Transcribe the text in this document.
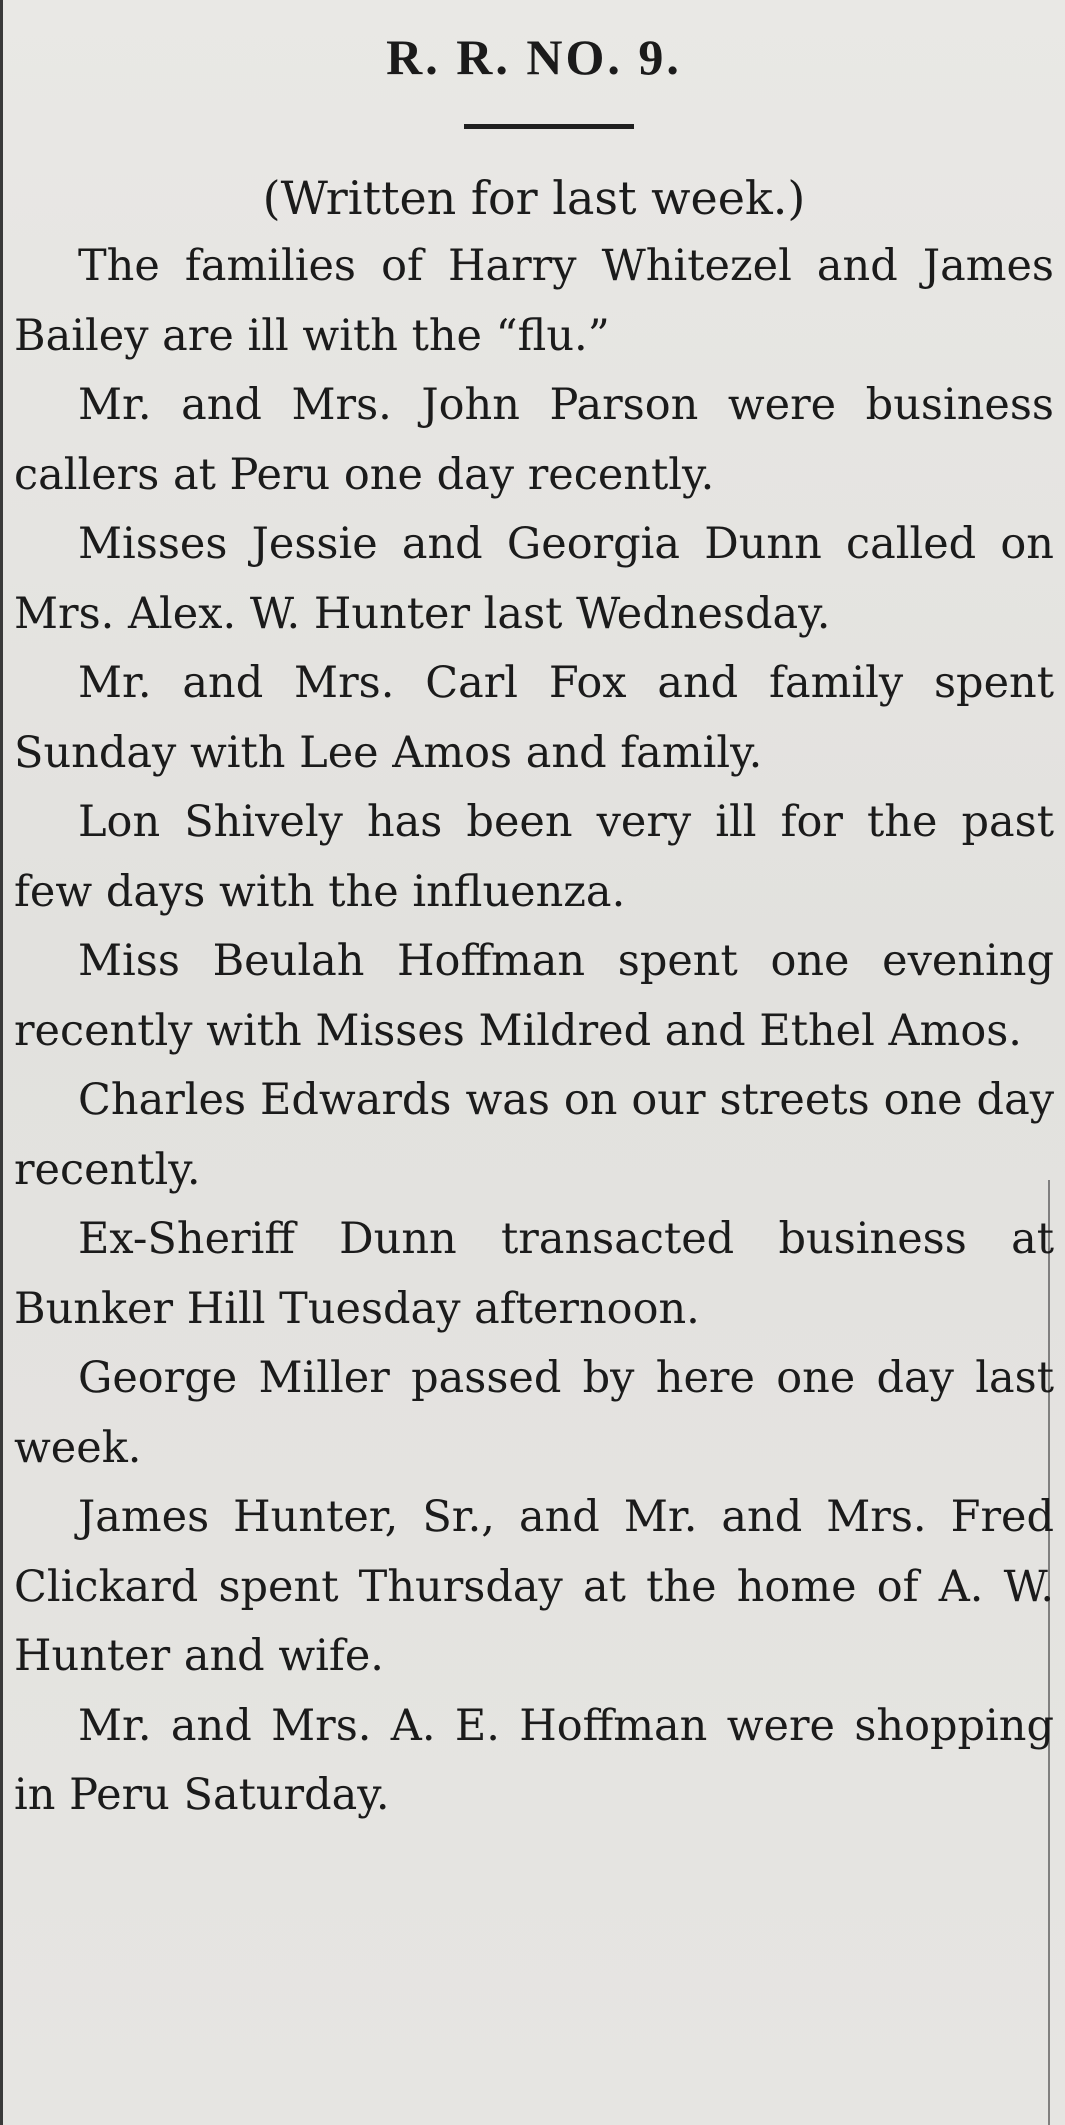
R. R. NO. 9.
(Written for last week.)

The families of Harry Whitezel and James Bailey are ill with the “flu.”

Mr. and Mrs. John Parson were business callers at Peru one day recently.

Misses Jessie and Georgia Dunn called on Mrs. Alex. W. Hunter last Wednesday.

Mr. and Mrs. Carl Fox and family spent Sunday with Lee Amos and family.

Lon Shively has been very ill for the past few days with the influenza.

Miss Beulah Hoffman spent one evening recently with Misses Mildred and Ethel Amos.

Charles Edwards was on our streets one day recently.

Ex-Sheriff Dunn transacted business at Bunker Hill Tuesday afternoon.

George Miller passed by here one day last week.

James Hunter, Sr., and Mr. and Mrs. Fred Clickard spent Thursday at the home of A. W. Hunter and wife.

Mr. and Mrs. A. E. Hoffman were shopping in Peru Saturday.
